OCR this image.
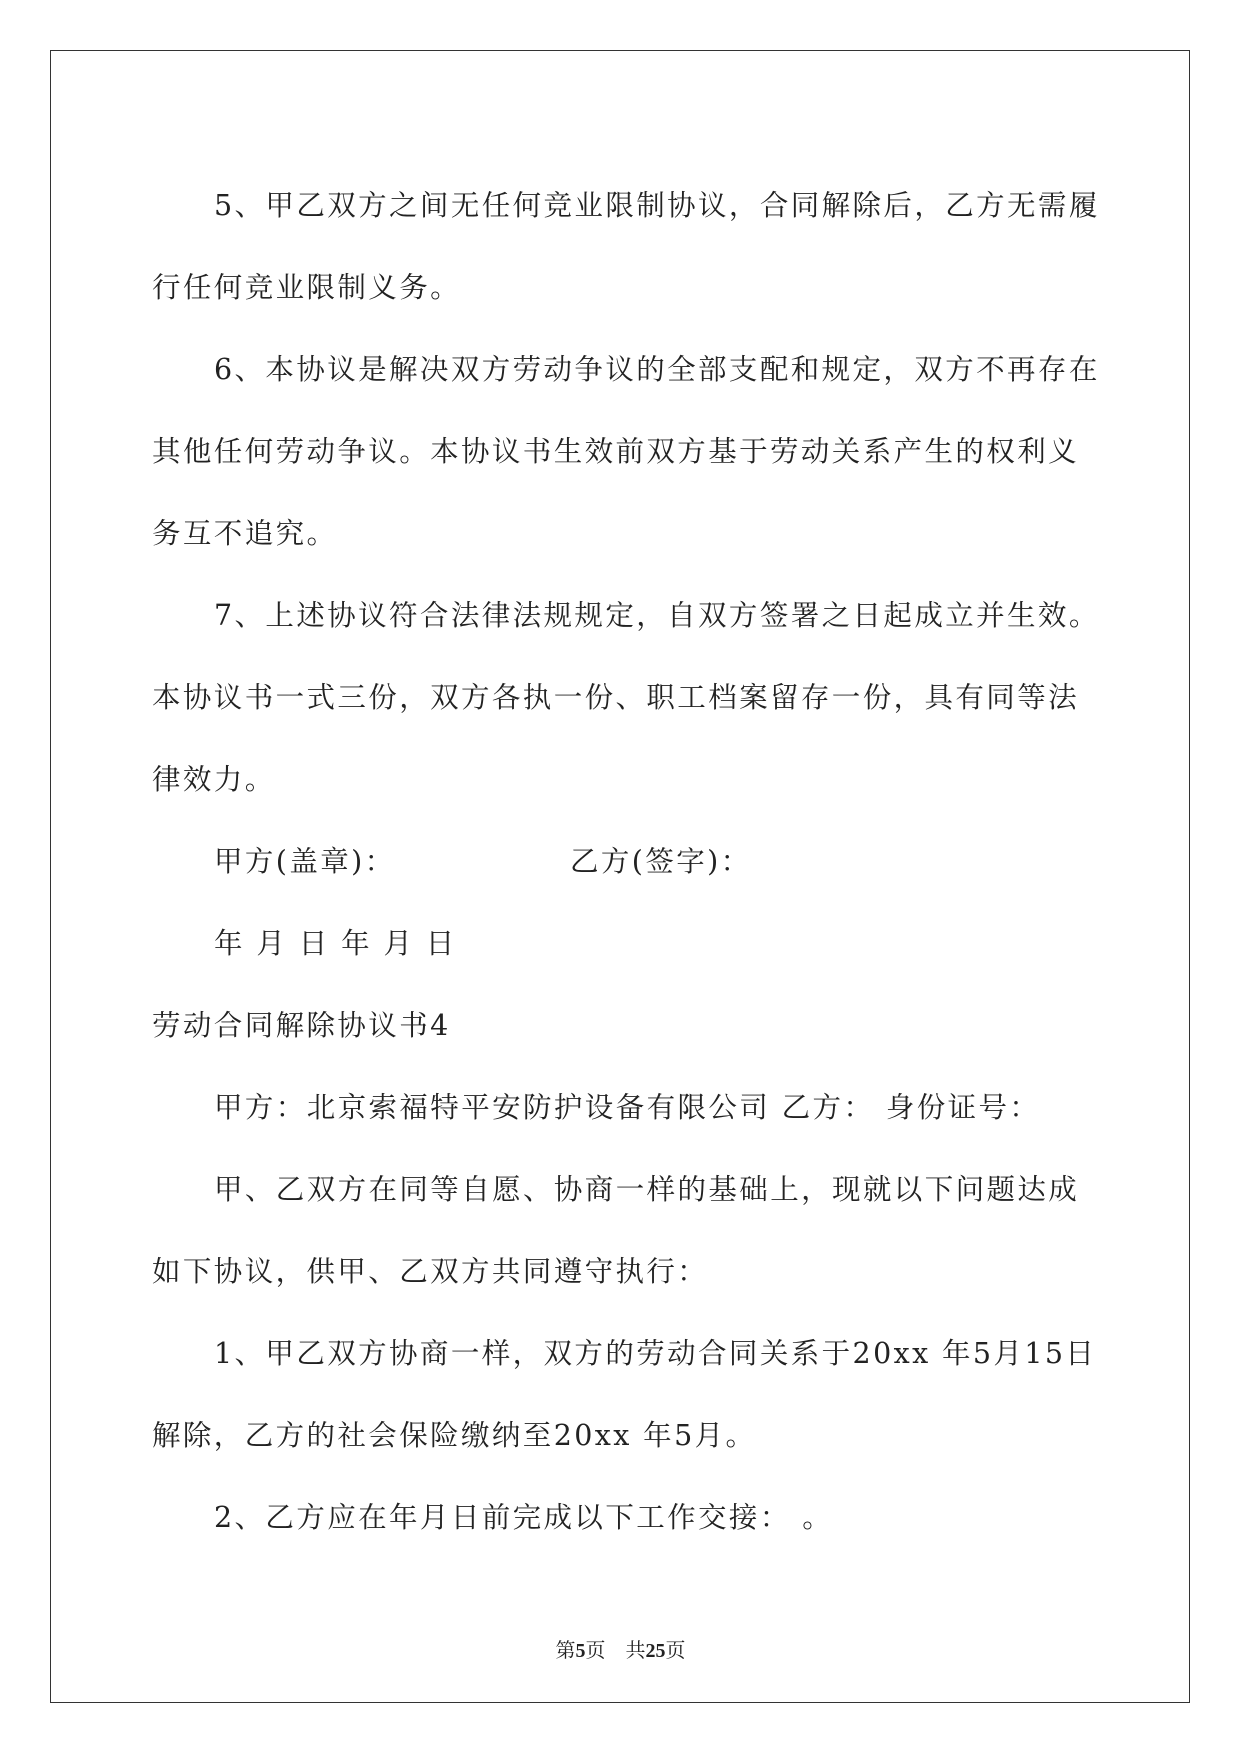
5、甲乙双方之间无任何竞业限制协议，合同解除后，乙方无需履

行任何竞业限制义务。

6、本协议是解决双方劳动争议的全部支配和规定，双方不再存在

其他任何劳动争议。本协议书生效前双方基于劳动关系产生的权利义

务互不追究。

7、上述协议符合法律法规规定，自双方签署之日起成立并生效。

本协议书一式三份，双方各执一份、职工档案留存一份，具有同等法

律效力。

甲方(盖章)：	乙方(签字)：

年 月 日 年 月 日

劳动合同解除协议书4

甲方：北京索福特平安防护设备有限公司 乙方： 身份证号：

甲、乙双方在同等自愿、协商一样的基础上，现就以下问题达成

如下协议，供甲、乙双方共同遵守执行：

1、甲乙双方协商一样，双方的劳动合同关系于20xx 年5月15日

解除，乙方的社会保险缴纳至20xx 年5月。

2、乙方应在年月日前完成以下工作交接： 。

第5页 共25页
